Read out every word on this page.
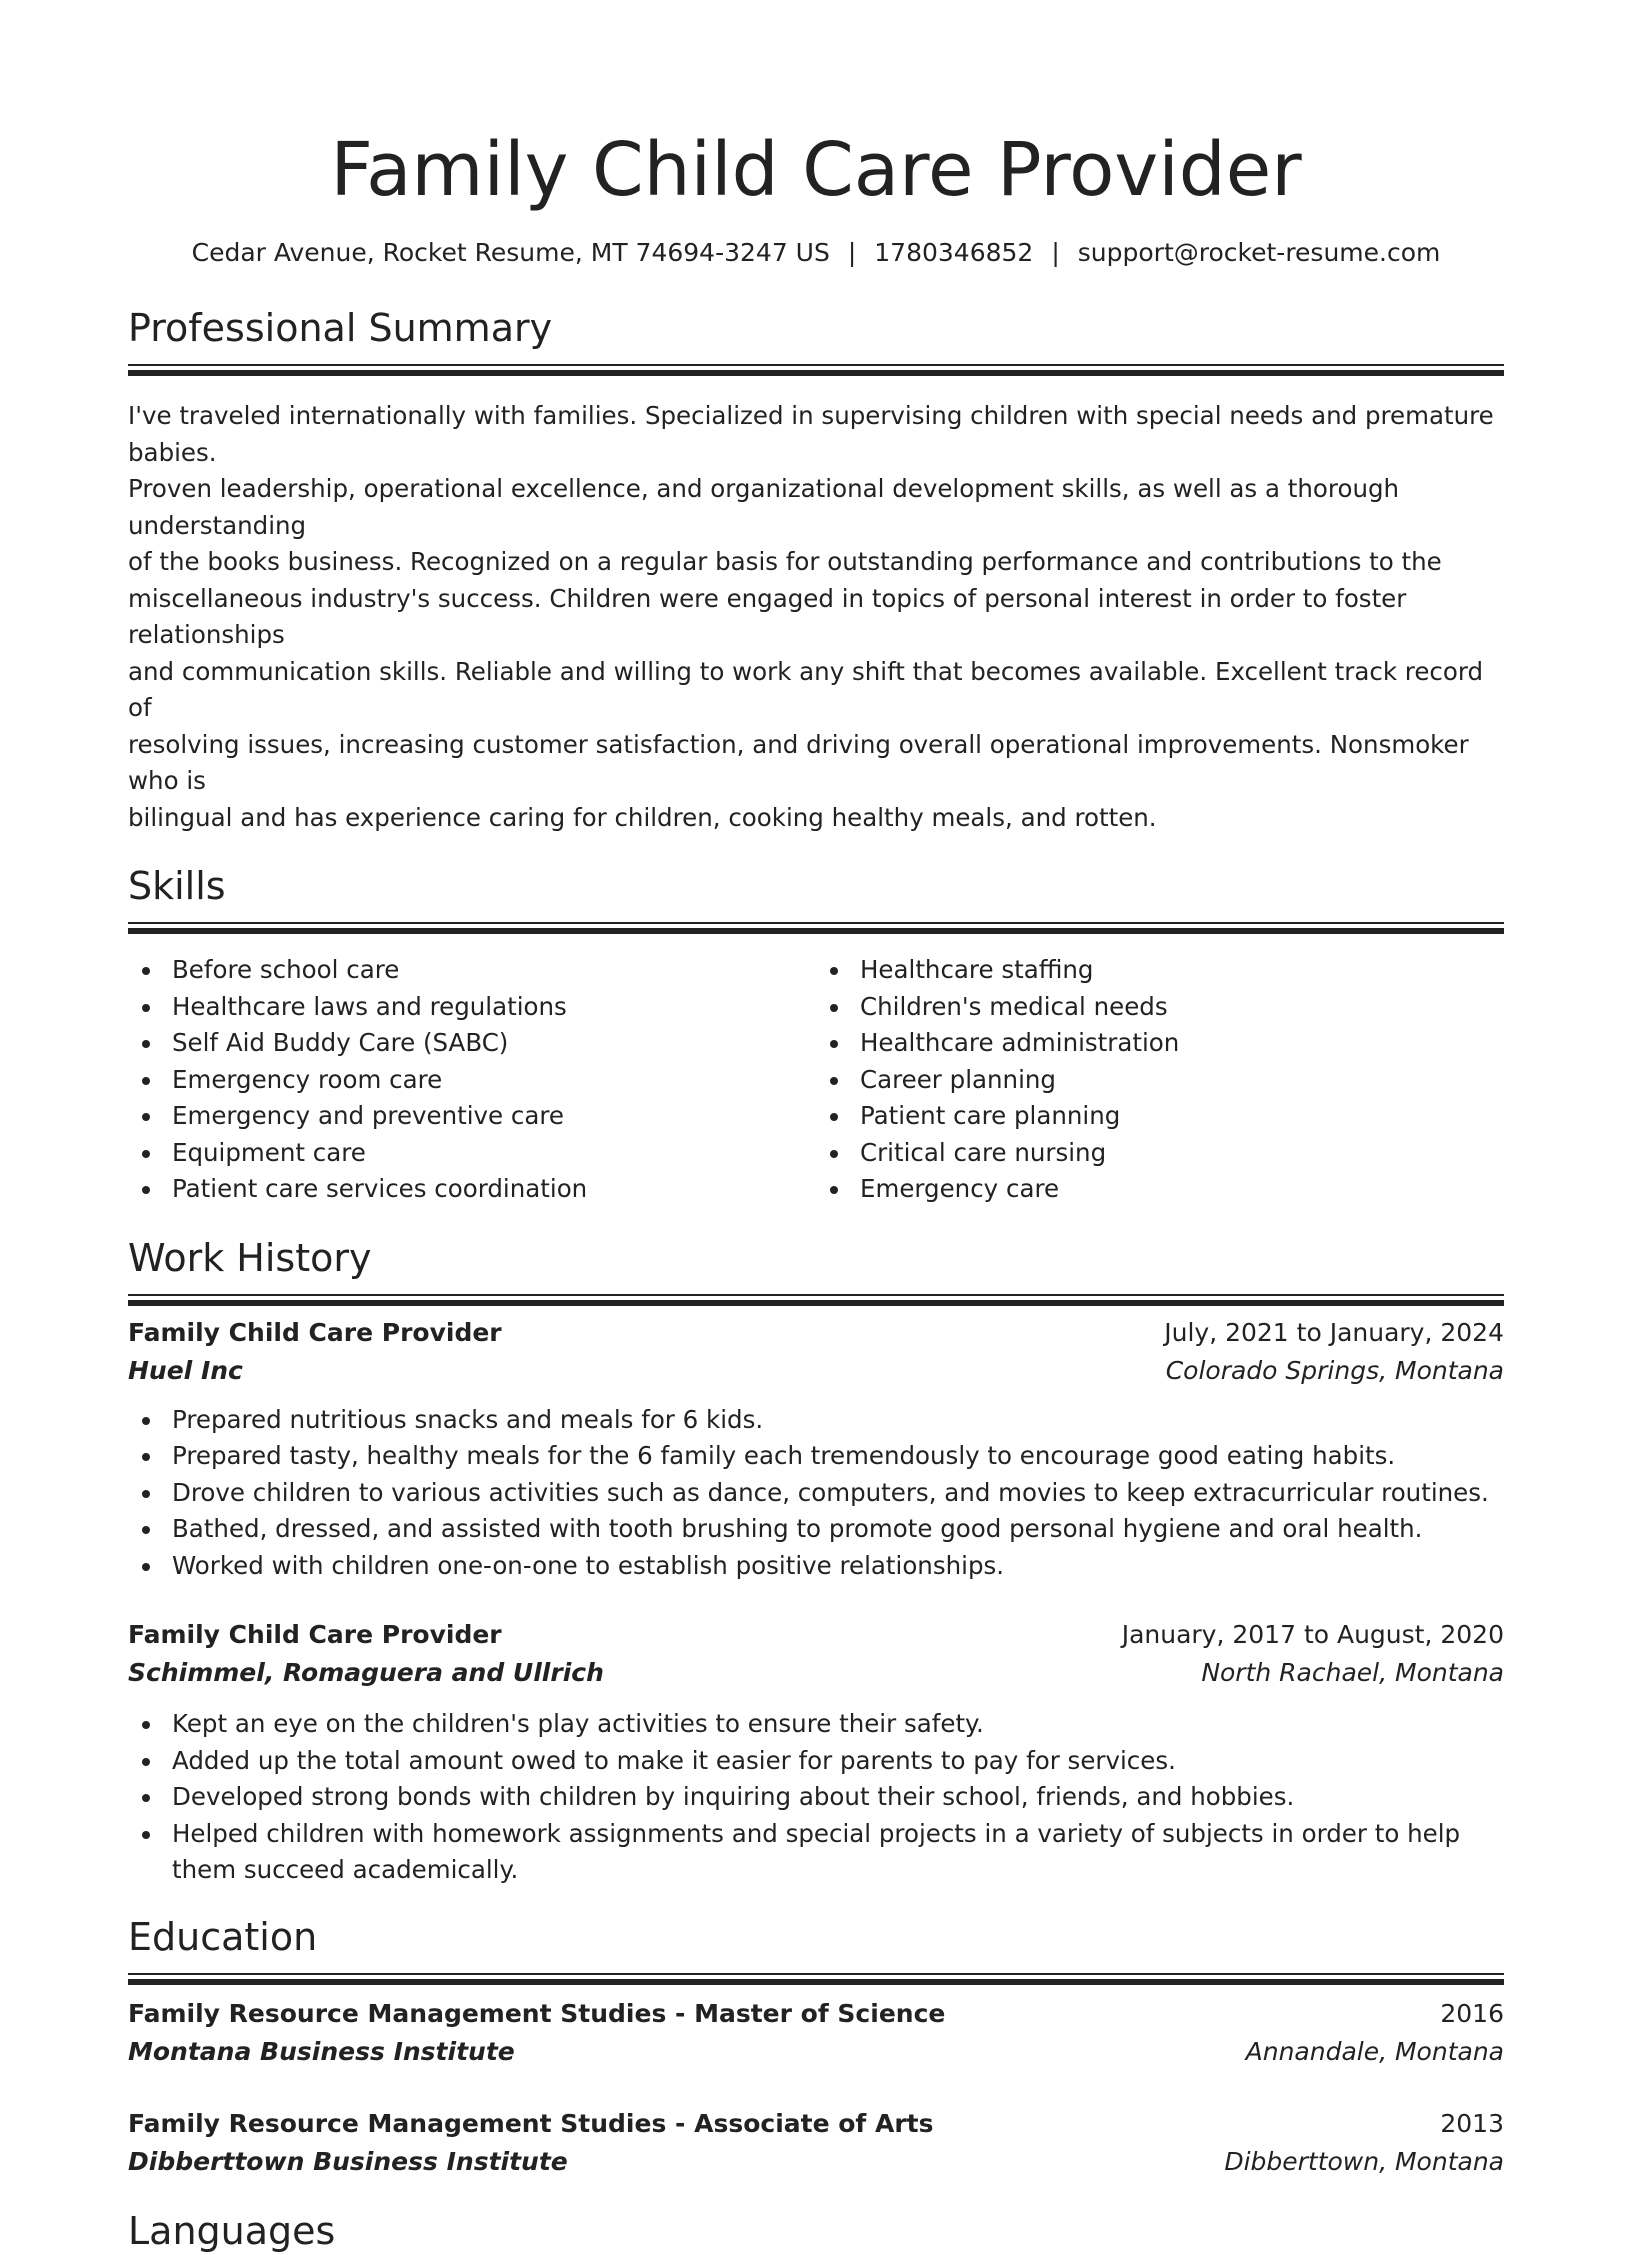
Family Child Care Provider
Cedar Avenue, Rocket Resume, MT 74694-3247 US | 1780346852 | support@rocket-resume.com
Professional Summary
I've traveled internationally with families. Specialized in supervising children with special needs and premature babies.
Proven leadership, operational excellence, and organizational development skills, as well as a thorough understanding
of the books business. Recognized on a regular basis for outstanding performance and contributions to the
miscellaneous industry's success. Children were engaged in topics of personal interest in order to foster relationships
and communication skills. Reliable and willing to work any shift that becomes available. Excellent track record of
resolving issues, increasing customer satisfaction, and driving overall operational improvements. Nonsmoker who is
bilingual and has experience caring for children, cooking healthy meals, and rotten.
Skills
Before school care
Healthcare laws and regulations
Self Aid Buddy Care (SABC)
Emergency room care
Emergency and preventive care
Equipment care
Patient care services coordination
Healthcare staffing
Children's medical needs
Healthcare administration
Career planning
Patient care planning
Critical care nursing
Emergency care
Work History
Family Child Care Provider	July, 2021 to January, 2024
Huel Inc	Colorado Springs, Montana
Prepared nutritious snacks and meals for 6 kids.
Prepared tasty, healthy meals for the 6 family each tremendously to encourage good eating habits.
Drove children to various activities such as dance, computers, and movies to keep extracurricular routines.
Bathed, dressed, and assisted with tooth brushing to promote good personal hygiene and oral health.
Worked with children one-on-one to establish positive relationships.
Family Child Care Provider	January, 2017 to August, 2020
Schimmel, Romaguera and Ullrich	North Rachael, Montana
Kept an eye on the children's play activities to ensure their safety.
Added up the total amount owed to make it easier for parents to pay for services.
Developed strong bonds with children by inquiring about their school, friends, and hobbies.
Helped children with homework assignments and special projects in a variety of subjects in order to help them succeed academically.
Education
Family Resource Management Studies - Master of Science	2016
Montana Business Institute	Annandale, Montana
Family Resource Management Studies - Associate of Arts	2013
Dibberttown Business Institute	Dibberttown, Montana
Languages
